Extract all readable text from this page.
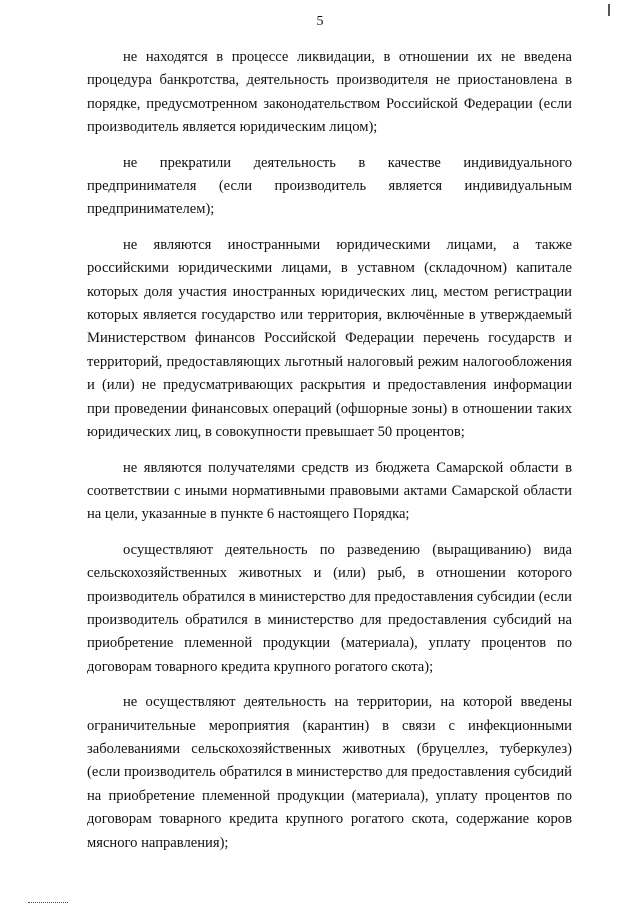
5

не находятся в процессе ликвидации, в отношении их не введена процедура банкротства, деятельность производителя не приостановлена в порядке, предусмотренном законодательством Российской Федерации (если производитель является юридическим лицом);

не прекратили деятельность в качестве индивидуального предпринимателя (если производитель является индивидуальным предпринимателем);

не являются иностранными юридическими лицами, а также российскими юридическими лицами, в уставном (складочном) капитале которых доля участия иностранных юридических лиц, местом регистрации которых является государство или территория, включённые в утверждаемый Министерством финансов Российской Федерации перечень государств и территорий, предоставляющих льготный налоговый режим налогообложения и (или) не предусматривающих раскрытия и предоставления информации при проведении финансовых операций (офшорные зоны) в отношении таких юридических лиц, в совокупности превышает 50 процентов;

не являются получателями средств из бюджета Самарской области в соответствии с иными нормативными правовыми актами Самарской области на цели, указанные в пункте 6 настоящего Порядка;

осуществляют деятельность по разведению (выращиванию) вида сельскохозяйственных животных и (или) рыб, в отношении которого производитель обратился в министерство для предоставления субсидии (если производитель обратился в министерство для предоставления субсидий на приобретение племенной продукции (материала), уплату процентов по договорам товарного кредита крупного рогатого скота);

не осуществляют деятельность на территории, на которой введены ограничительные мероприятия (карантин) в связи с инфекционными заболеваниями сельскохозяйственных животных (бруцеллез, туберкулез) (если производитель обратился в министерство для предоставления субсидий на приобретение племенной продукции (материала), уплату процентов по договорам товарного кредита крупного рогатого скота, содержание коров мясного направления);
